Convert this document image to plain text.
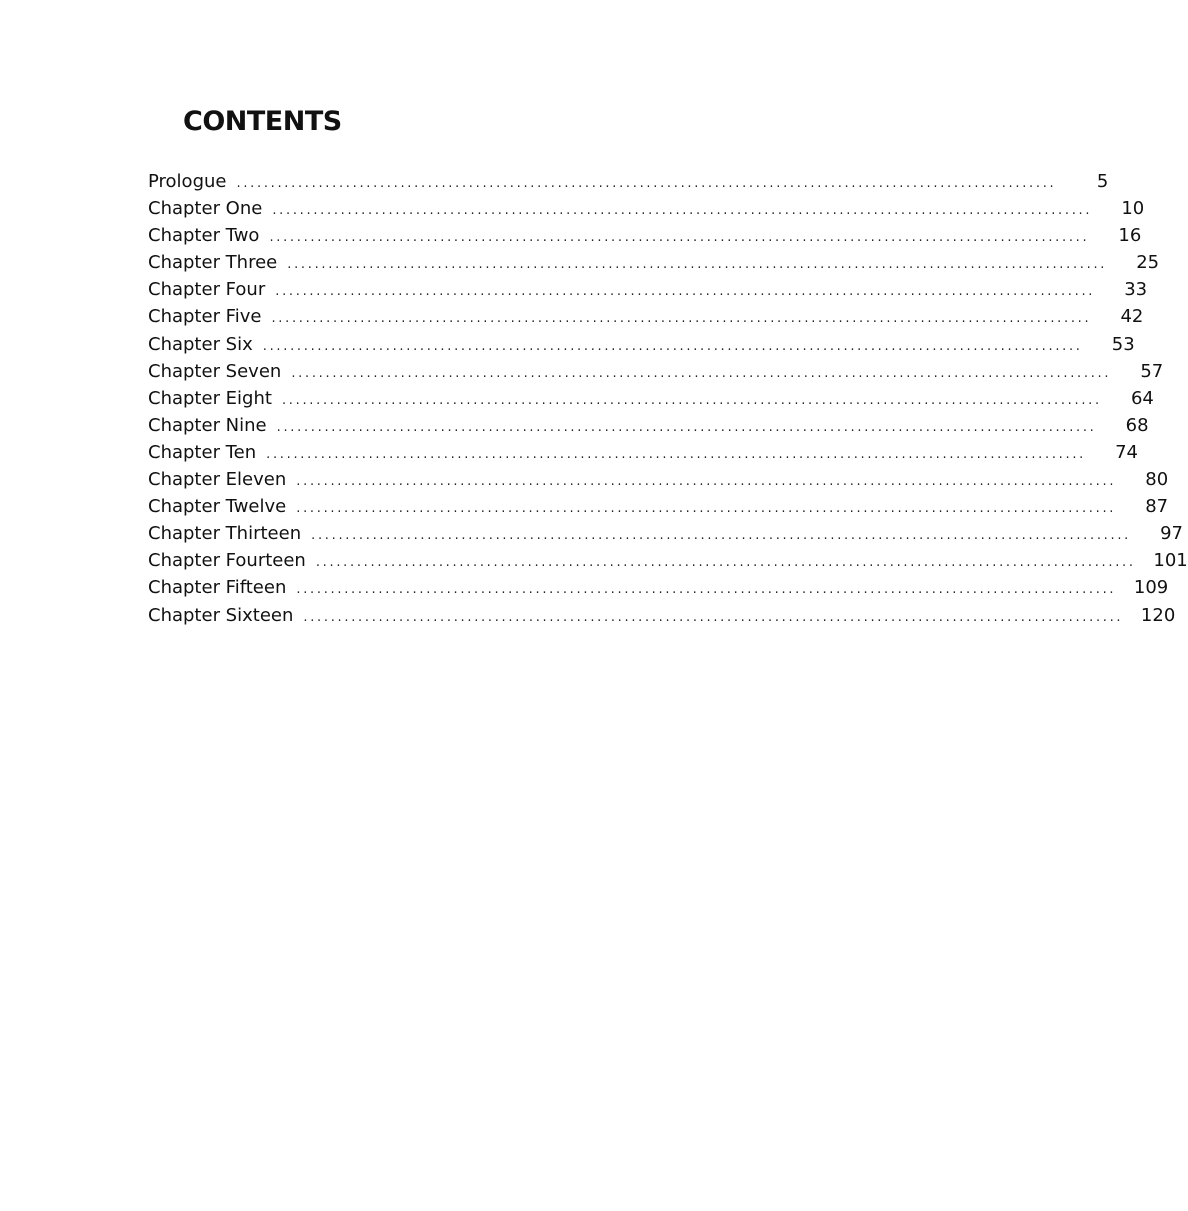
CONTENTS
Prologue ........................................................................................................................	5
Chapter One ........................................................................................................................	10
Chapter Two ........................................................................................................................	16
Chapter Three ........................................................................................................................	25
Chapter Four ........................................................................................................................	33
Chapter Five ........................................................................................................................	42
Chapter Six ........................................................................................................................	53
Chapter Seven ........................................................................................................................	57
Chapter Eight ........................................................................................................................	64
Chapter Nine ........................................................................................................................	68
Chapter Ten ........................................................................................................................	74
Chapter Eleven ........................................................................................................................	80
Chapter Twelve ........................................................................................................................	87
Chapter Thirteen ........................................................................................................................	97
Chapter Fourteen ........................................................................................................................ 101
Chapter Fifteen ........................................................................................................................ 109
Chapter Sixteen ........................................................................................................................ 120
